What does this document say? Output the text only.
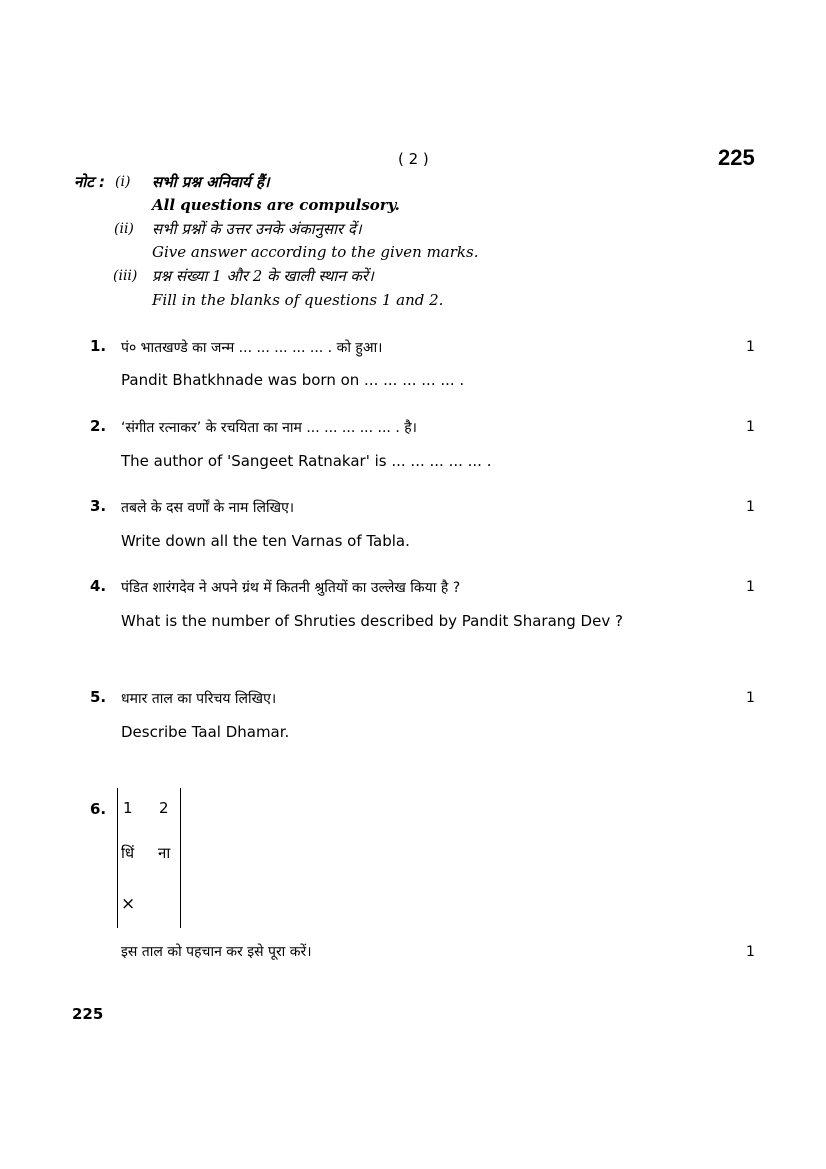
( 2 )	225
नोट : (i) सभी प्रश्न अनिवार्य हैं।
All questions are compulsory.
(ii) सभी प्रश्नों के उत्तर उनके अंकानुसार दें।
Give answer according to the given marks.
(iii) प्रश्न संख्या 1 और 2 के खाली स्थान करें।
Fill in the blanks of questions 1 and 2.
1. पं० भातखण्डे का जन्म ... ... ... ... ... . को हुआ।	1
Pandit Bhatkhnade was born on ... ... ... ... ... .
2. ‘संगीत रत्नाकर’ के रचयिता का नाम ... ... ... ... ... . है।	1
The author of 'Sangeet Ratnakar' is ... ... ... ... ... .
3. तबले के दस वर्णों के नाम लिखिए।	1
Write down all the ten Varnas of Tabla.
4. पंडित शारंगदेव ने अपने ग्रंथ में कितनी श्रुतियों का उल्लेख किया है ?	1
What is the number of Shruties described by Pandit Sharang Dev ?
5. धमार ताल का परिचय लिखिए।	1
Describe Taal Dhamar.
6. 1 2
धिं ना
×
इस ताल को पहचान कर इसे पूरा करें।	1
225
